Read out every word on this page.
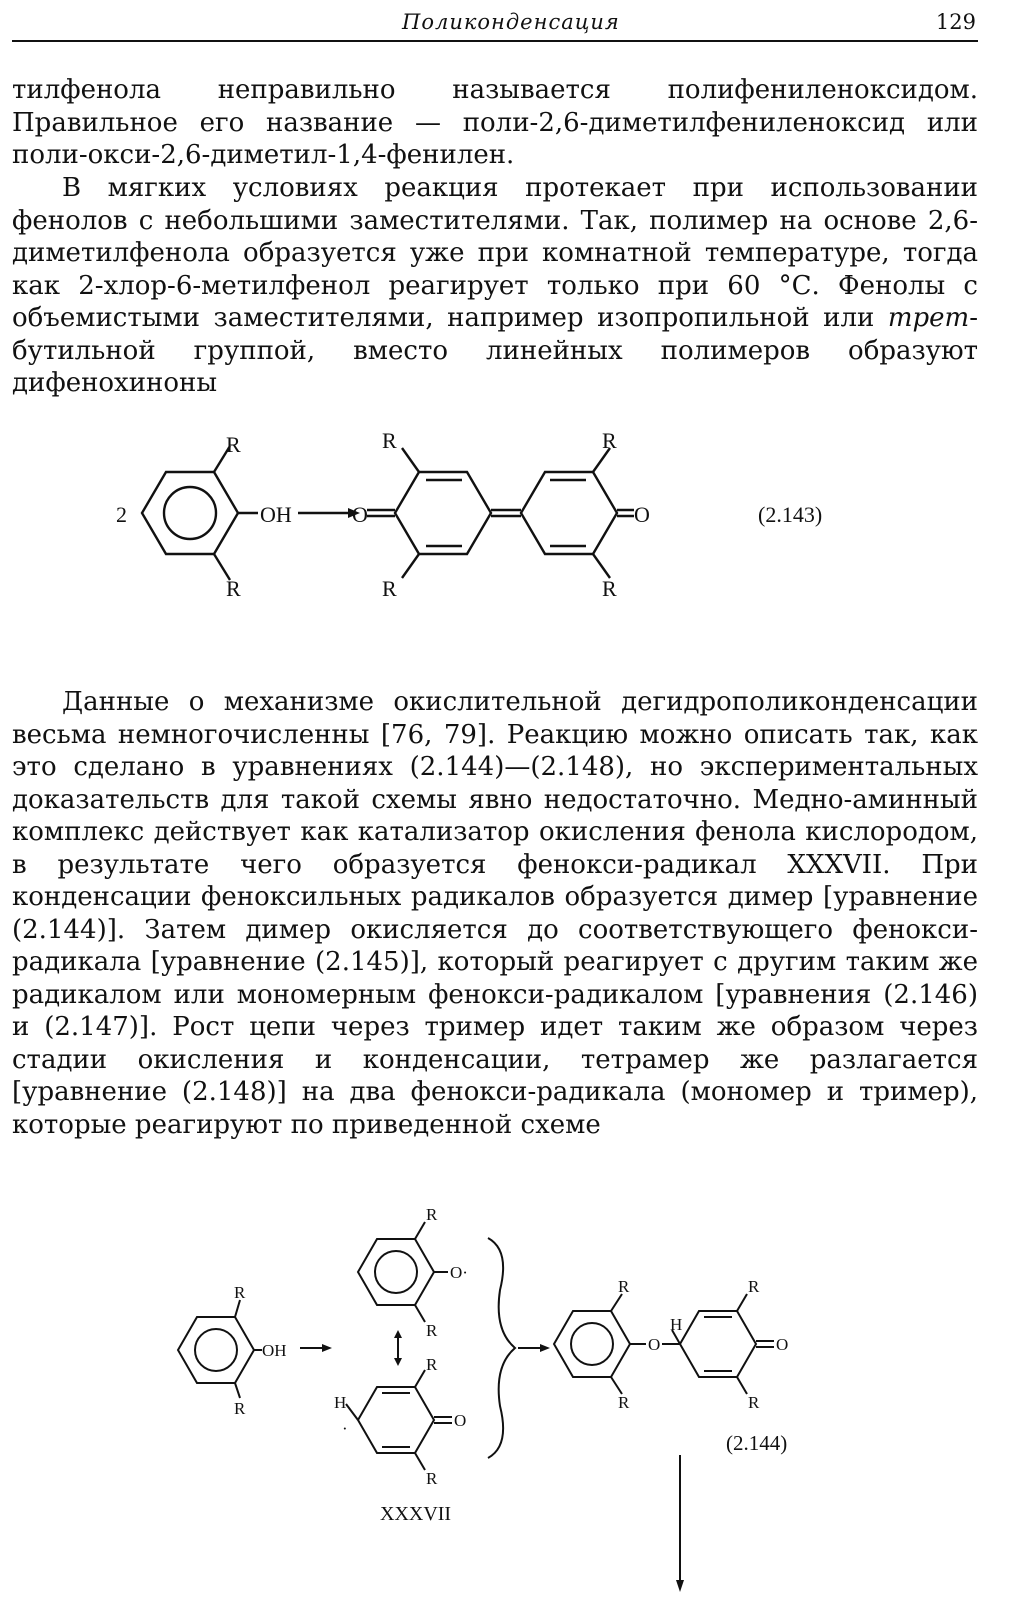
Поликонденсация	129

тилфенола неправильно называется полифениленоксидом. Правильное его название — поли-2,6-диметилфениленоксид или поли-окси-2,6-диметил-1,4-фенилен.

В мягких условиях реакция протекает при использовании фенолов с небольшими заместителями. Так, полимер на основе 2,6-диметилфенола образуется уже при комнатной температуре, тогда как 2-хлор-6-метилфенол реагирует только при 60 °С. Фенолы с объемистыми заместителями, например изопропильной или трет-бутильной группой, вместо линейных полимеров образуют дифенохиноны

2
R
R
OH	O
R
R
R
R
O	(2.143)

Данные о механизме окислительной дегидрополиконденсации весьма немногочисленны [76, 79]. Реакцию можно описать так, как это сделано в уравнениях (2.144)—(2.148), но экспериментальных доказательств для такой схемы явно недостаточно. Медно-аминный комплекс действует как катализатор окисления фенола кислородом, в результате чего образуется фенокси-радикал XXXVII. При конденсации феноксильных радикалов образуется димер [уравнение (2.144)]. Затем димер окисляется до соответствующего фенокси-радикала [уравнение (2.145)], который реагирует с другим таким же радикалом или мономерным фенокси-радикалом [уравнения (2.146) и (2.147)]. Рост цепи через тример идет таким же образом через стадии окисления и конденсации, тетрамер же разлагается [уравнение (2.148)] на два фенокси-радикала (мономер и тример), которые реагируют по приведенной схеме

R
R
OH
R
R
O·
R
R
H
·	O
R
R
O
H
R
R
O
XXXVII
(2.144)
